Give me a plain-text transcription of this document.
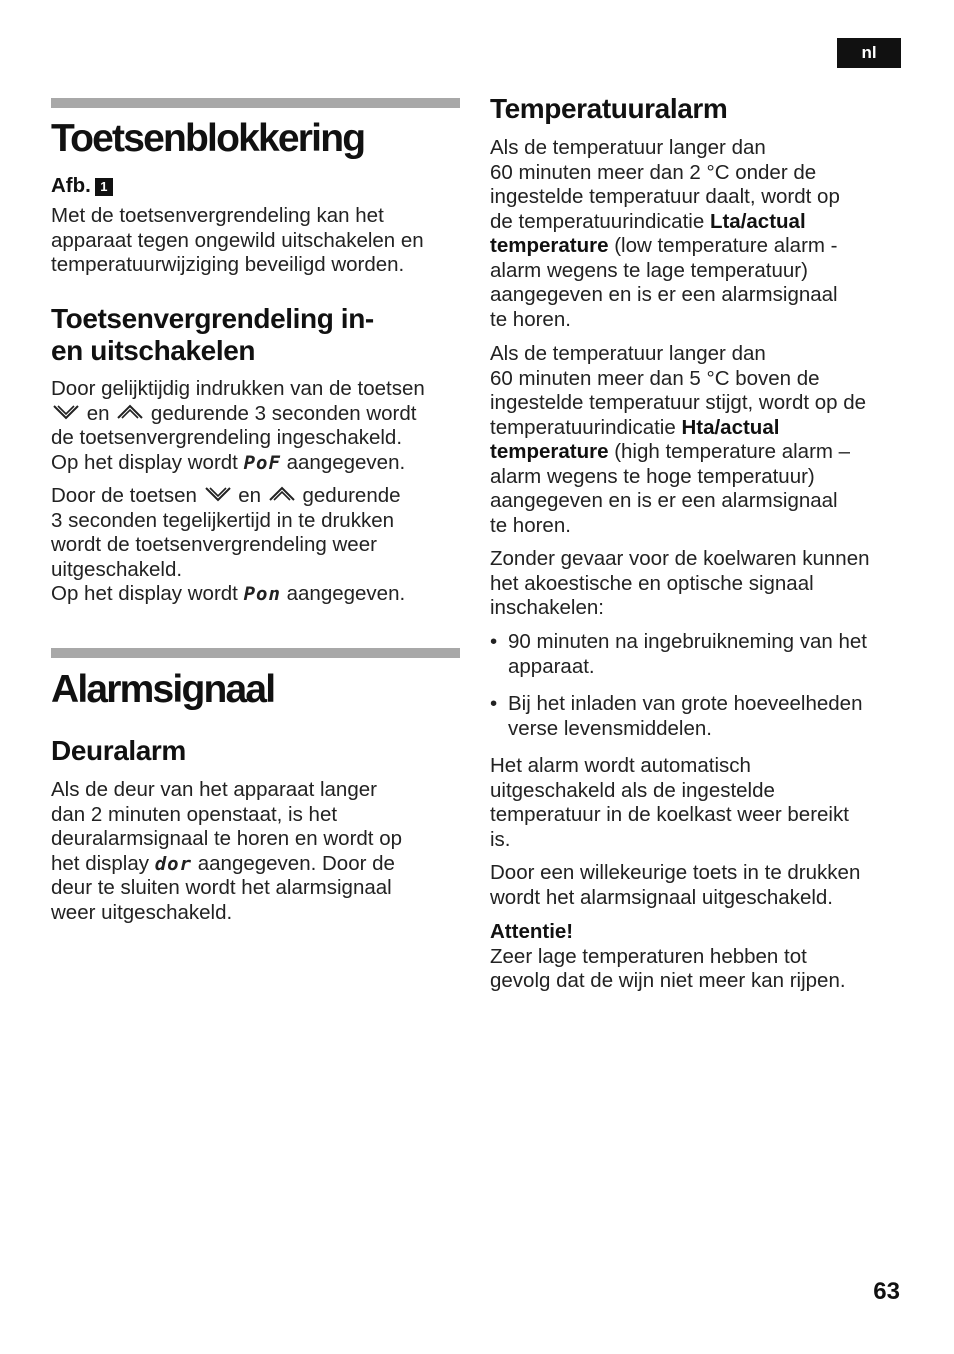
nl
Toetsenblokkering
Afb. 1
Met de toetsenvergrendeling kan het
apparaat tegen ongewild uitschakelen en
temperatuurwijziging beveiligd worden.
Toetsenvergrendeling in-
en uitschakelen
Door gelijktijdig indrukken van de toetsen
en gedurende 3 seconden wordt
de toetsenvergrendeling ingeschakeld.
Op het display wordt PoF aangegeven.
Door de toetsen en gedurende
3 seconden tegelijkertijd in te drukken
wordt de toetsenvergrendeling weer
uitgeschakeld.
Op het display wordt Pon aangegeven.
Alarmsignaal
Deuralarm
Als de deur van het apparaat langer
dan 2 minuten openstaat, is het
deuralarmsignaal te horen en wordt op
het display dor aangegeven. Door de
deur te sluiten wordt het alarmsignaal
weer uitgeschakeld.
Temperatuuralarm
Als de temperatuur langer dan
60 minuten meer dan 2 °C onder de
ingestelde temperatuur daalt, wordt op
de temperatuurindicatie Lta/actual
temperature (low temperature alarm -
alarm wegens te lage temperatuur)
aangegeven en is er een alarmsignaal
te horen.
Als de temperatuur langer dan
60 minuten meer dan 5 °C boven de
ingestelde temperatuur stijgt, wordt op de
temperatuurindicatie Hta/actual
temperature (high temperature alarm –
alarm wegens te hoge temperatuur)
aangegeven en is er een alarmsignaal
te horen.
Zonder gevaar voor de koelwaren kunnen
het akoestische en optische signaal
inschakelen:
• 90 minuten na ingebruikneming van het
apparaat.
• Bij het inladen van grote hoeveelheden
verse levensmiddelen.
Het alarm wordt automatisch
uitgeschakeld als de ingestelde
temperatuur in de koelkast weer bereikt
is.
Door een willekeurige toets in te drukken
wordt het alarmsignaal uitgeschakeld.
Attentie!
Zeer lage temperaturen hebben tot
gevolg dat de wijn niet meer kan rijpen.
63
